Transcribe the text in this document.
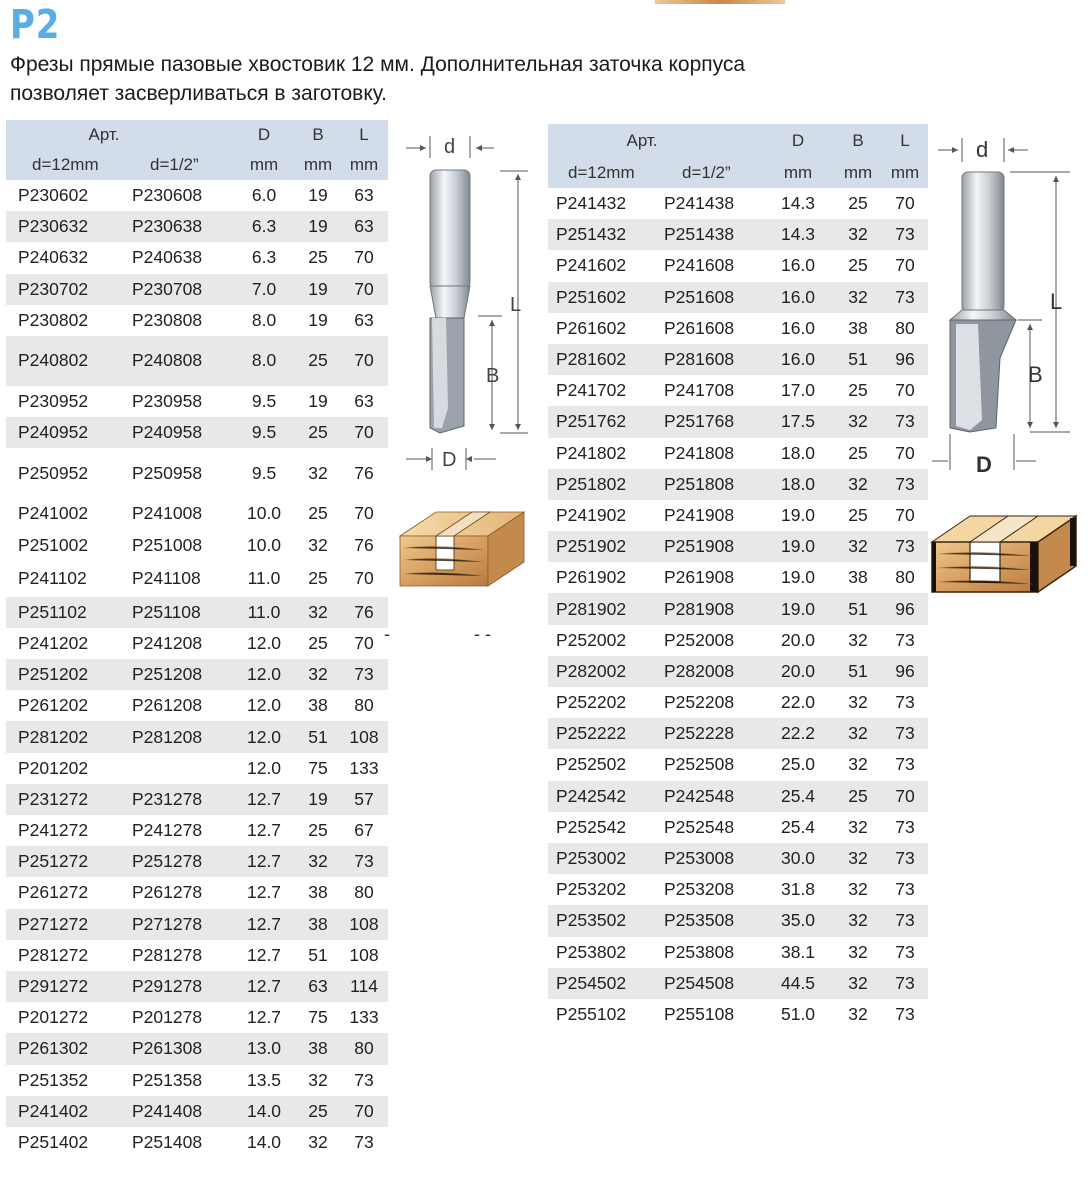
P2
Фрезы прямые пазовые хвостовик 12 мм. Дополнительная заточка корпуса
позволяет засверливаться в заготовку.
Арт.		D	B	L
d=12mm	d=1/2”	mm	mm	mm
P230602	P230608	6.0	19	63
P230632	P230638	6.3	19	63
P240632	P240638	6.3	25	70
P230702	P230708	7.0	19	70
P230802	P230808	8.0	19	63
P240802	P240808	8.0	25	70
P230952	P230958	9.5	19	63
P240952	P240958	9.5	25	70
P250952	P250958	9.5	32	76
P241002	P241008	10.0	25	70
P251002	P251008	10.0	32	76
P241102	P241108	11.0	25	70
P251102	P251108	11.0	32	76
P241202	P241208	12.0	25	70
P251202	P251208	12.0	32	73
P261202	P261208	12.0	38	80
P281202	P281208	12.0	51	108
P201202		12.0	75	133
P231272	P231278	12.7	19	57
P241272	P241278	12.7	25	67
P251272	P251278	12.7	32	73
P261272	P261278	12.7	38	80
P271272	P271278	12.7	38	108
P281272	P281278	12.7	51	108
P291272	P291278	12.7	63	114
P201272	P201278	12.7	75	133
P261302	P261308	13.0	38	80
P251352	P251358	13.5	32	73
P241402	P241408	14.0	25	70
P251402	P251408	14.0	32	73
Арт.		D	B	L
d=12mm	d=1/2”	mm	mm	mm
P241432	P241438	14.3	25	70
P251432	P251438	14.3	32	73
P241602	P241608	16.0	25	70
P251602	P251608	16.0	32	73
P261602	P261608	16.0	38	80
P281602	P281608	16.0	51	96
P241702	P241708	17.0	25	70
P251762	P251768	17.5	32	73
P241802	P241808	18.0	25	70
P251802	P251808	18.0	32	73
P241902	P241908	19.0	25	70
P251902	P251908	19.0	32	73
P261902	P261908	19.0	38	80
P281902	P281908	19.0	51	96
P252002	P252008	20.0	32	73
P282002	P282008	20.0	51	96
P252202	P252208	22.0	32	73
P252222	P252228	22.2	32	73
P252502	P252508	25.0	32	73
P242542	P242548	25.4	25	70
P252542	P252548	25.4	32	73
P253002	P253008	30.0	32	73
P253202	P253208	31.8	32	73
P253502	P253508	35.0	32	73
P253802	P253808	38.1	32	73
P254502	P254508	44.5	32	73
P255102	P255108	51.0	32	73
d
L
B
D
-	- -
d
L
B
D
